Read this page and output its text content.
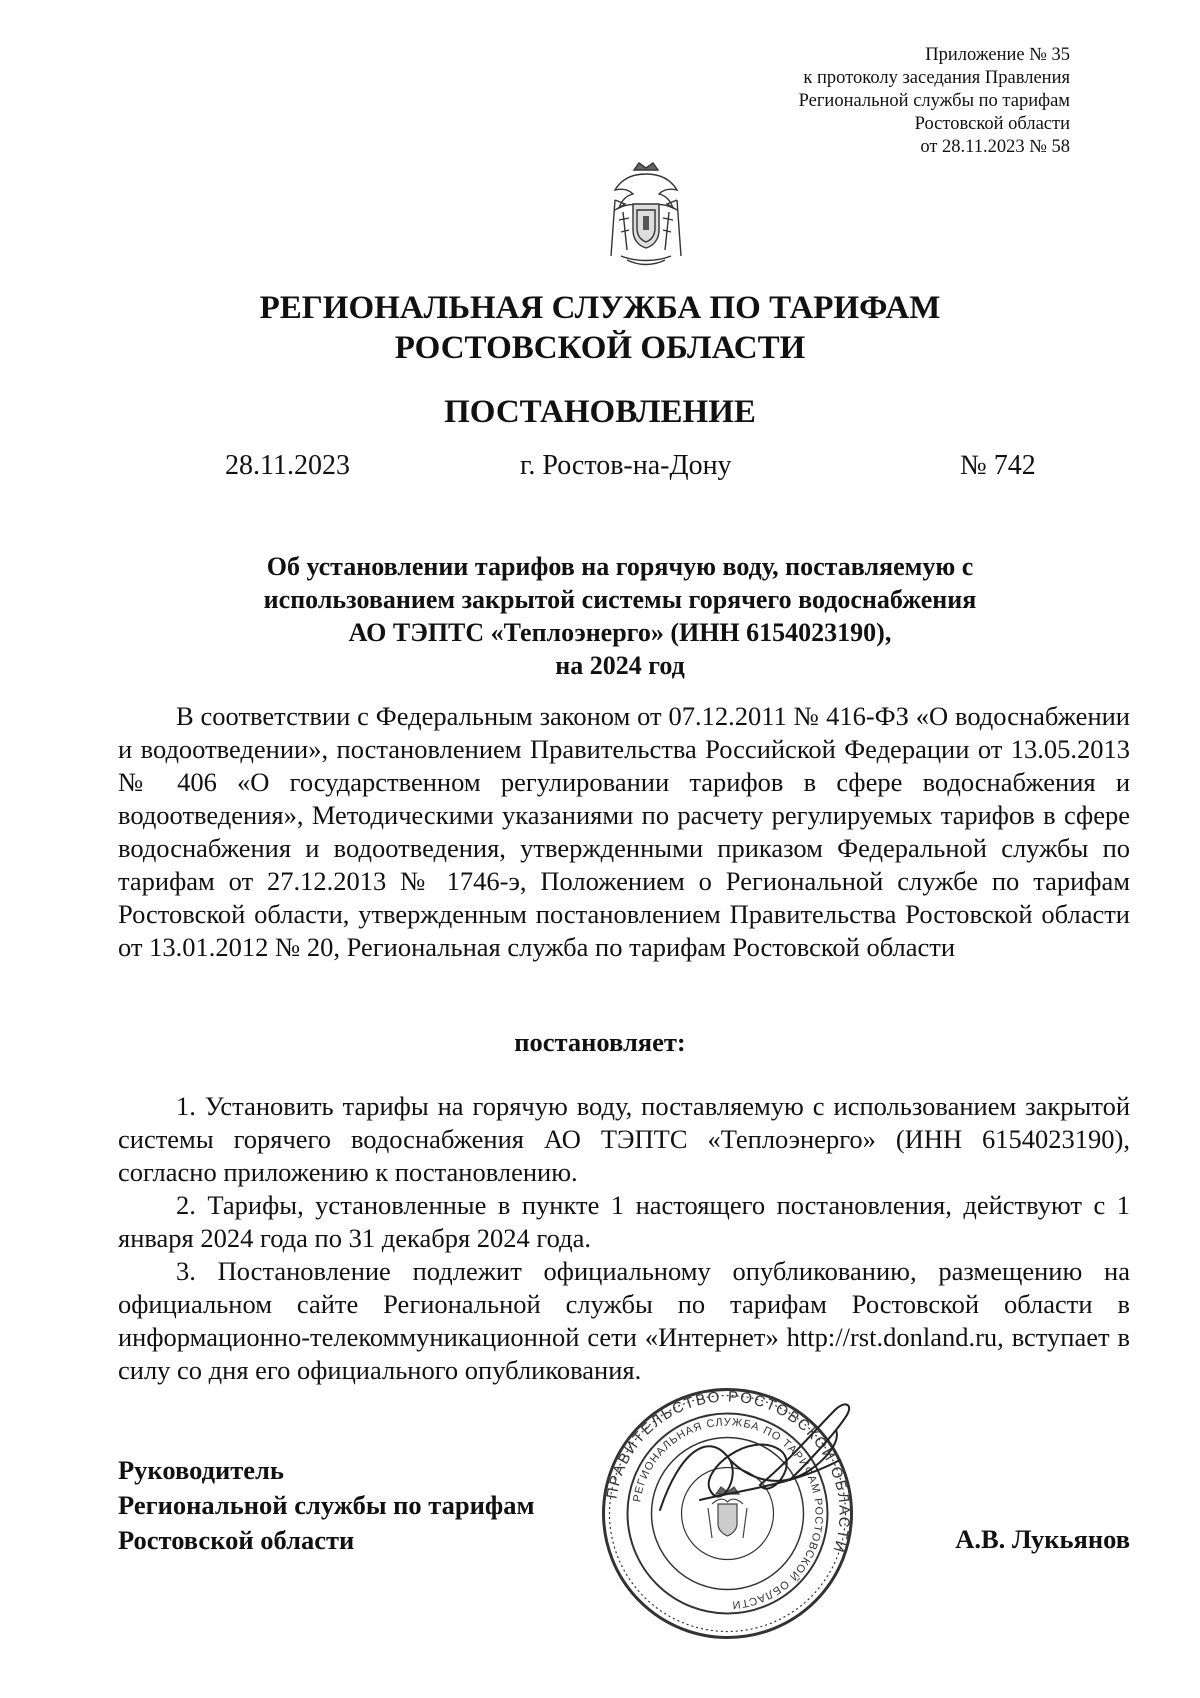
Приложение № 35
к протоколу заседания Правления
Региональной службы по тарифам
Ростовской области
от 28.11.2023 № 58
РЕГИОНАЛЬНАЯ СЛУЖБА ПО ТАРИФАМ
РОСТОВСКОЙ ОБЛАСТИ
ПОСТАНОВЛЕНИЕ
28.11.2023	г. Ростов-на-Дону	№ 742
Об установлении тарифов на горячую воду, поставляемую с
использованием закрытой системы горячего водоснабжения
АО ТЭПТС «Теплоэнерго» (ИНН 6154023190),
на 2024 год
В соответствии с Федеральным законом от 07.12.2011 № 416-ФЗ «О водоснабжении и водоотведении», постановлением Правительства Российской Федерации от 13.05.2013 № 406 «О государственном регулировании тарифов в сфере водоснабжения и водоотведения», Методическими указаниями по расчету регулируемых тарифов в сфере водоснабжения и водоотведения, утвержденными приказом Федеральной службы по тарифам от 27.12.2013 № 1746-э, Положением о Региональной службе по тарифам Ростовской области, утвержденным постановлением Правительства Ростовской области от 13.01.2012 № 20, Региональная служба по тарифам Ростовской области
постановляет:

1. Установить тарифы на горячую воду, поставляемую с использованием закрытой системы горячего водоснабжения АО ТЭПТС «Теплоэнерго» (ИНН 6154023190), согласно приложению к постановлению.

2. Тарифы, установленные в пункте 1 настоящего постановления, действуют с 1 января 2024 года по 31 декабря 2024 года.

3. Постановление подлежит официальному опубликованию, размещению на официальном сайте Региональной службы по тарифам Ростовской области в информационно-телекоммуникационной сети «Интернет» http://rst.donland.ru, вступает в силу со дня его официального опубликования.

Руководитель
Региональной службы по тарифам
Ростовской области
ПРАВИТЕЛЬСТВО РОСТОВСКОЙ ОБЛАСТИ
РЕГИОНАЛЬНАЯ СЛУЖБА ПО ТАРИФАМ РОСТОВСКОЙ ОБЛАСТИ
А.В. Лукьянов
